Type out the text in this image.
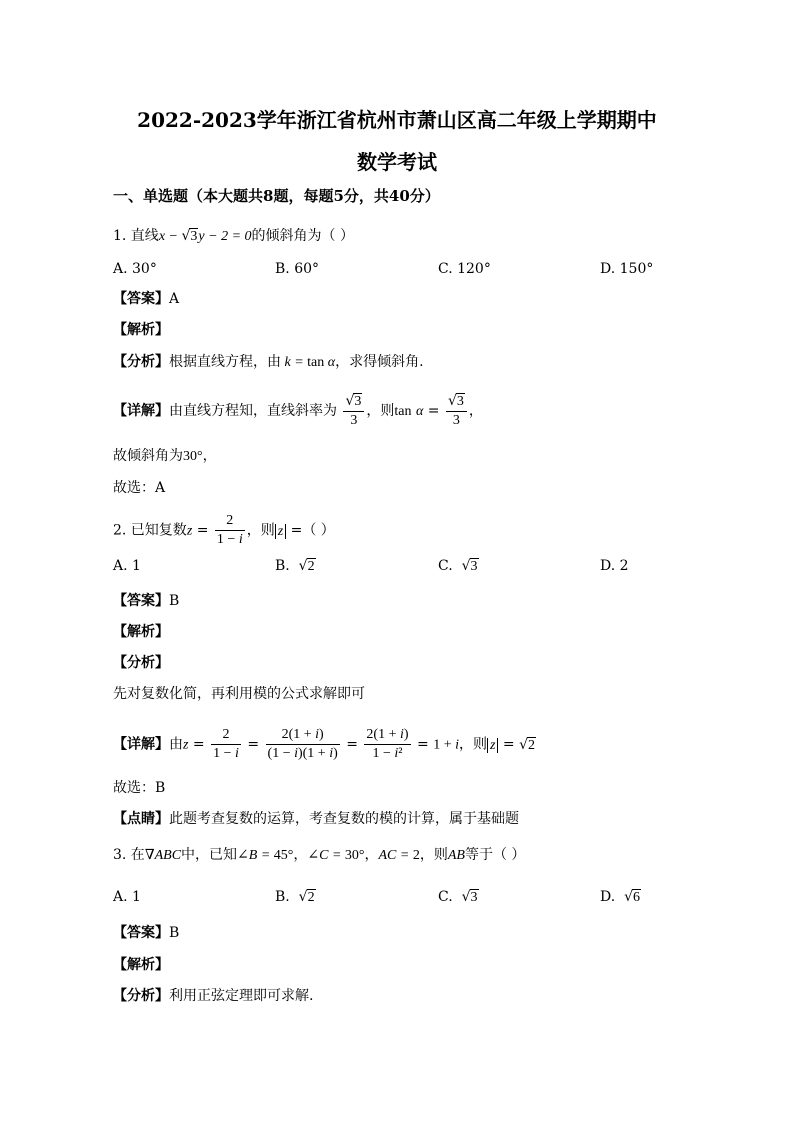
2022-2023学年浙江省杭州市萧山区高二年级上学期期中
数学考试
一、单选题（本大题共8题，每题5分，共40分）
1. 直线x − √3y − 2 = 0的倾斜角为（ ）
A. 30°	B. 60°	C. 120°	D. 150°
【答案】A
【解析】
【分析】根据直线方程，由 k = tan α，求得倾斜角.
【详解】由直线方程知，直线斜率为 $\frac{√3}{3}$ ，则$\tan \alpha = \frac{√3}{3}$ ，
故倾斜角为30°，
故选：A
2. 已知复数$z = \frac{2}{1 - i}$ ，则 z =（ ）
A. 1	B. √2	C. √3	D. 2
【答案】B
【解析】
【分析】
先对复数化简，再利用模的公式求解即可
【详解】由$z = \frac{2}{1 - i} = \frac{2(1 + i)}{(1 - i)(1 + i)} = \frac{2(1 + i)}{\text{1 − i²}} = 1 + i$，则 z = √2
故选：B
【点睛】此题考查复数的运算，考查复数的模的计算，属于基础题
3. 在∇ABC中，已知∠B = 45°，∠C = 30°，AC = 2，则AB等于（ ）
A. 1	B. √2	C. √3	D. √6
【答案】B
【解析】
【分析】利用正弦定理即可求解.
